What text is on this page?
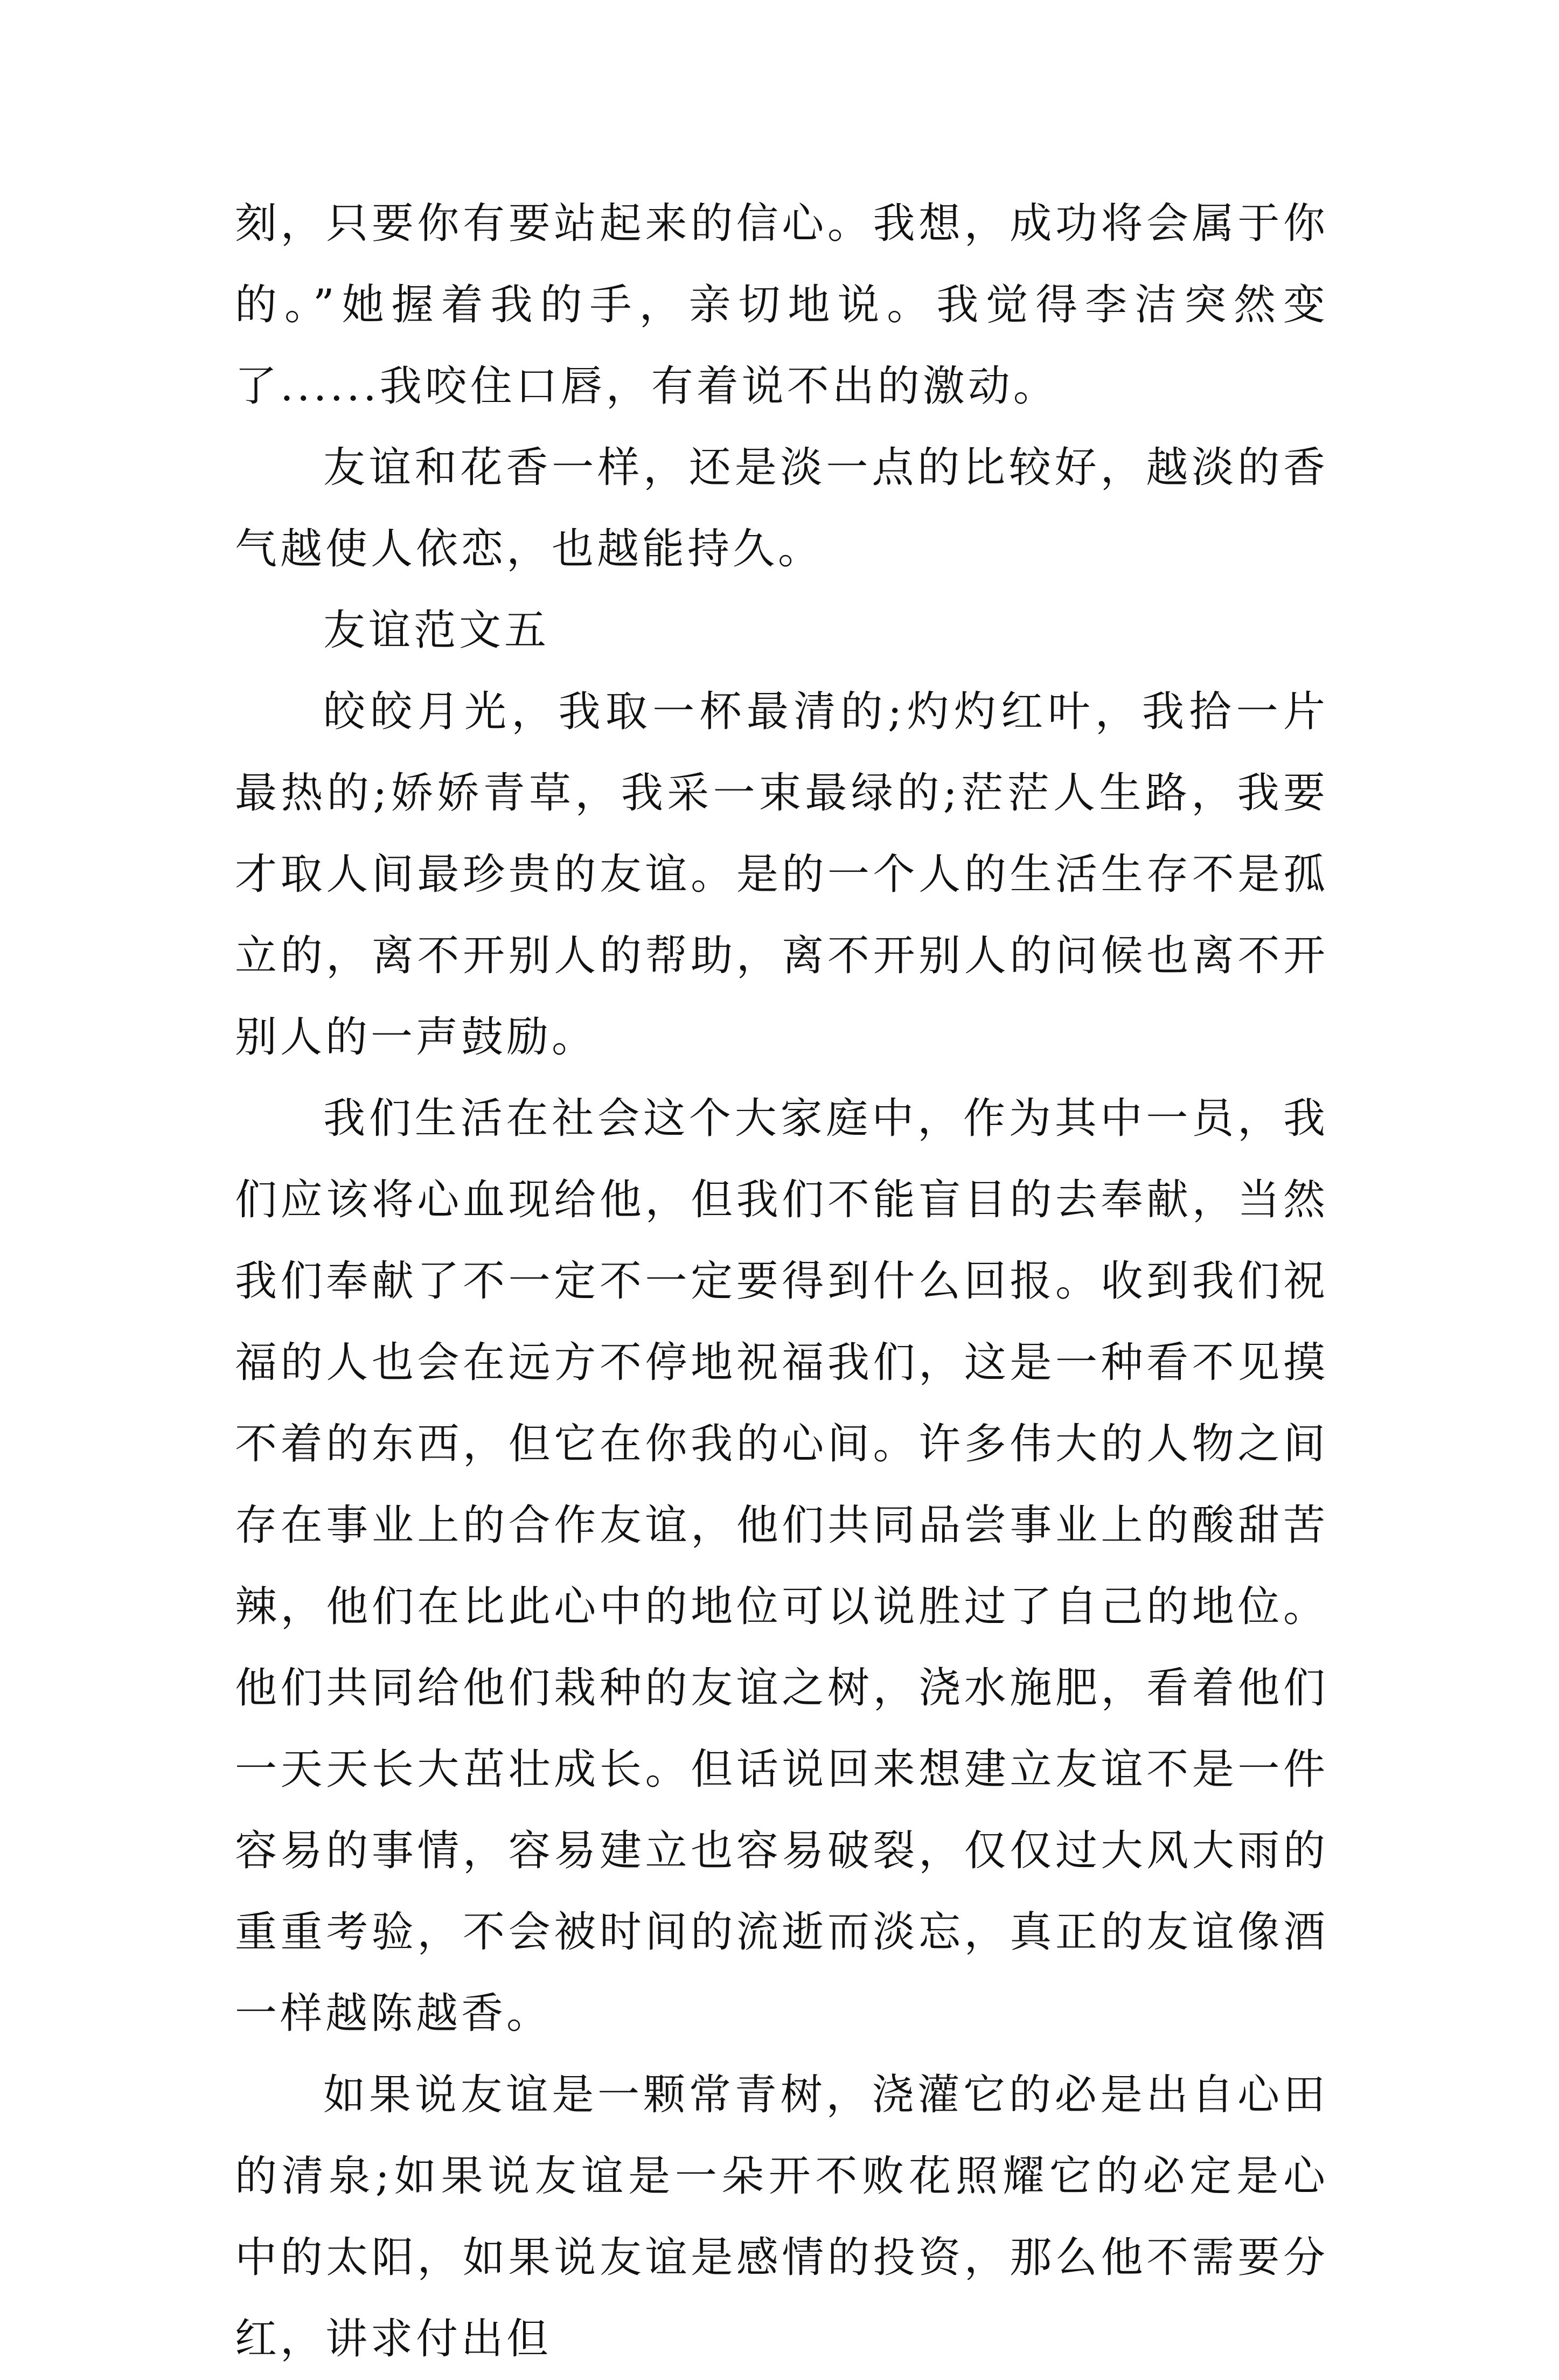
刻，只要你有要站起来的信心。我想，成功将会属于你的。”她握着我的手，亲切地说。我觉得李洁突然变了......我咬住口唇，有着说不出的激动。

友谊和花香一样，还是淡一点的比较好，越淡的香气越使人依恋，也越能持久。

友谊范文五

皎皎月光，我取一杯最清的;灼灼红叶，我拾一片最热的;娇娇青草，我采一束最绿的;茫茫人生路，我要才取人间最珍贵的友谊。是的一个人的生活生存不是孤立的，离不开别人的帮助，离不开别人的问候也离不开别人的一声鼓励。

我们生活在社会这个大家庭中，作为其中一员，我们应该将心血现给他，但我们不能盲目的去奉献，当然我们奉献了不一定不一定要得到什么回报。收到我们祝福的人也会在远方不停地祝福我们，这是一种看不见摸不着的东西，但它在你我的心间。许多伟大的人物之间存在事业上的合作友谊，他们共同品尝事业上的酸甜苦辣，他们在比此心中的地位可以说胜过了自己的地位。他们共同给他们栽种的友谊之树，浇水施肥，看着他们一天天长大茁壮成长。但话说回来想建立友谊不是一件容易的事情，容易建立也容易破裂，仅仅过大风大雨的重重考验，不会被时间的流逝而淡忘，真正的友谊像酒一样越陈越香。

如果说友谊是一颗常青树，浇灌它的必是出自心田的清泉;如果说友谊是一朵开不败花照耀它的必定是心中的太阳，如果说友谊是感情的投资，那么他不需要分红，讲求付出但
